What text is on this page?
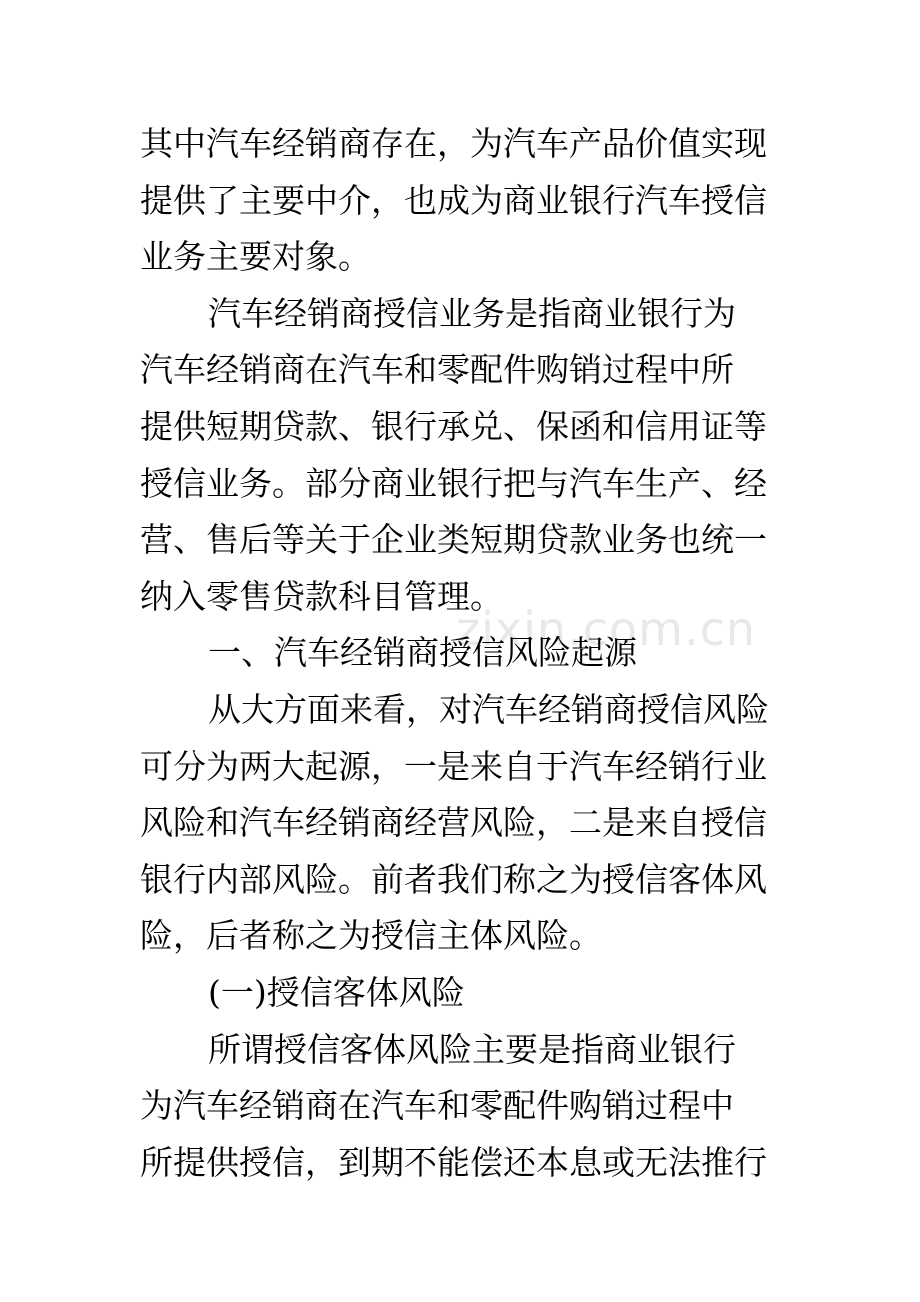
zixin.com.cn
其中汽车经销商存在，为汽车产品价值实现
提供了主要中介，也成为商业银行汽车授信
业务主要对象。
汽车经销商授信业务是指商业银行为
汽车经销商在汽车和零配件购销过程中所
提供短期贷款、银行承兑、保函和信用证等
授信业务。部分商业银行把与汽车生产、经
营、售后等关于企业类短期贷款业务也统一
纳入零售贷款科目管理。
一、汽车经销商授信风险起源
从大方面来看，对汽车经销商授信风险
可分为两大起源，一是来自于汽车经销行业
风险和汽车经销商经营风险，二是来自授信
银行内部风险。前者我们称之为授信客体风
险，后者称之为授信主体风险。
(一)授信客体风险
所谓授信客体风险主要是指商业银行
为汽车经销商在汽车和零配件购销过程中
所提供授信，到期不能偿还本息或无法推行
